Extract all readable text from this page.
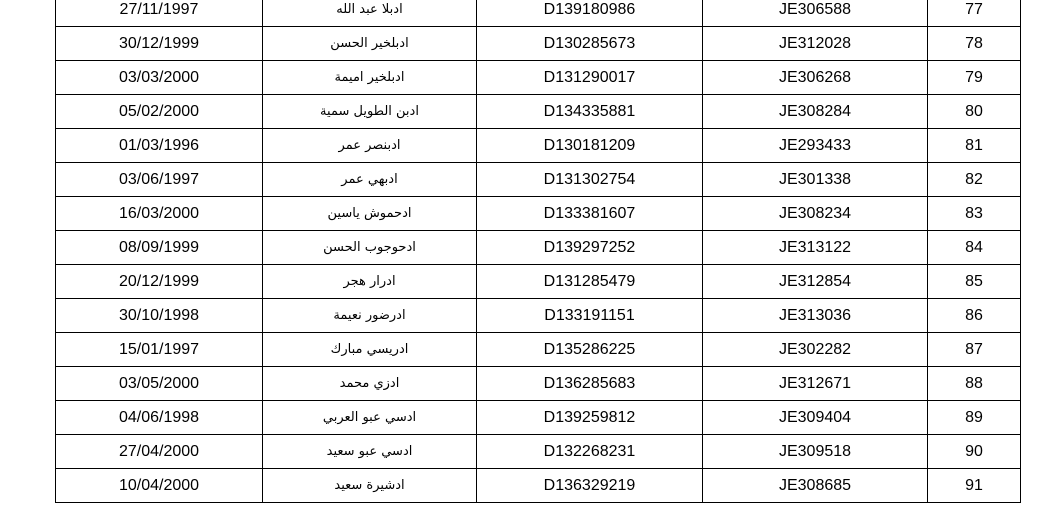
27/11/1997	ادبلا عبد الله	D139180986	JE306588	77
30/12/1999	ادبلخير الحسن	D130285673	JE312028	78
03/03/2000	ادبلخير اميمة	D131290017	JE306268	79
05/02/2000	ادبن الطويل سمية	D134335881	JE308284	80
01/03/1996	ادبنصر عمر	D130181209	JE293433	81
03/06/1997	ادبهي عمر	D131302754	JE301338	82
16/03/2000	ادحموش ياسين	D133381607	JE308234	83
08/09/1999	ادحوجوب الحسن	D139297252	JE313122	84
20/12/1999	ادرار هجر	D131285479	JE312854	85
30/10/1998	ادرضور نعيمة	D133191151	JE313036	86
15/01/1997	ادريسي مبارك	D135286225	JE302282	87
03/05/2000	ادزي محمد	D136285683	JE312671	88
04/06/1998	ادسي عبو العربي	D139259812	JE309404	89
27/04/2000	ادسي عبو سعيد	D132268231	JE309518	90
10/04/2000	ادشيرة سعيد	D136329219	JE308685	91
